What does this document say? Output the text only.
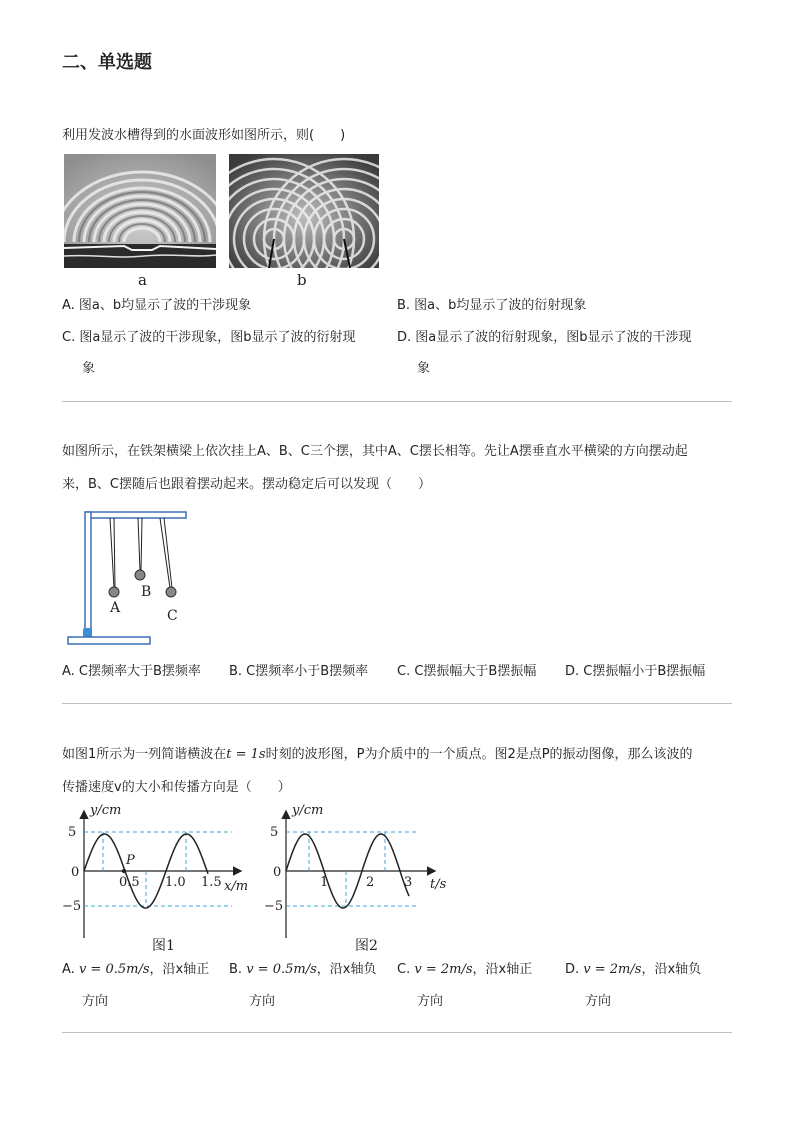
二、单选题
利用发波水槽得到的水面波形如图所示，则(　　)
a	b
A. 图a、b均显示了波的干涉现象	B. 图a、b均显示了波的衍射现象
C. 图a显示了波的干涉现象，图b显示了波的衍射现
象
D. 图a显示了波的衍射现象，图b显示了波的干涉现
象
如图所示，在铁架横梁上依次挂上A、B、C三个摆，其中A、C摆长相等。先让A摆垂直水平横梁的方向摆动起
来，B、C摆随后也跟着摆动起来。摆动稳定后可以发现（　　）
A
B
C
A. C摆频率大于B摆频率 B. C摆频率小于B摆频率 C. C摆振幅大于B摆振幅 D. C摆振幅小于B摆振幅
如图1所示为一列简谐横波在t = 1s时刻的波形图，P为介质中的一个质点。图2是点P的振动图像，那么该波的
传播速度v的大小和传播方向是（　　）
P
y/cm
x/m
5
0
−5
0.5 1.0 1.5
图1
y/cm
t/s
5
0
−5
1	2 3
图2
A. v = 0.5m/s，沿x轴正
方向
B. v = 0.5m/s，沿x轴负
方向
C. v = 2m/s，沿x轴正
方向
D. v = 2m/s，沿x轴负
方向
